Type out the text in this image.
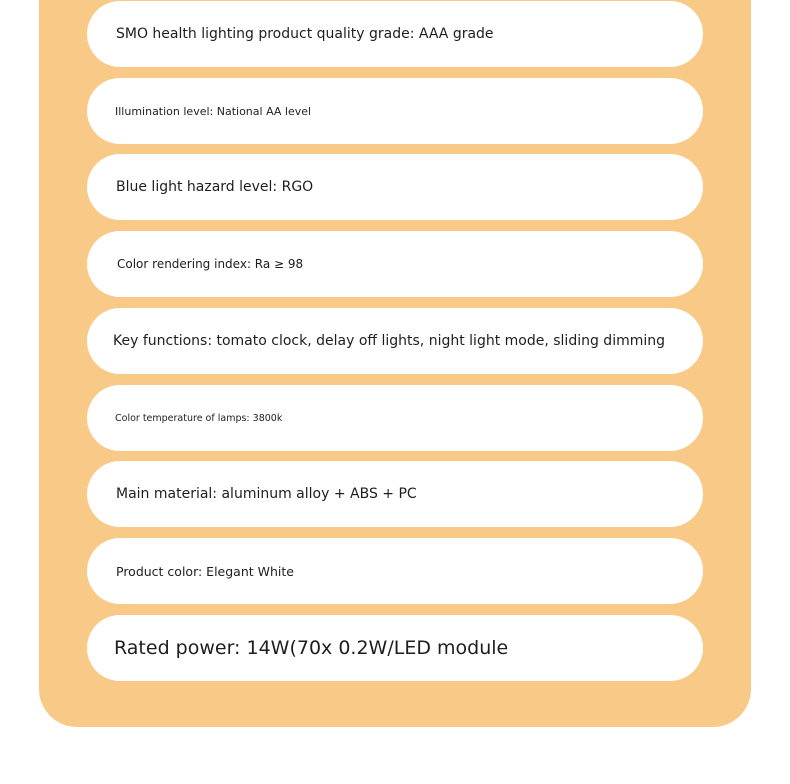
SMO health lighting product quality grade: AAA grade
Illumination level: National AA level
Blue light hazard level: RGO
Color rendering index: Ra ≥ 98
Key functions: tomato clock, delay off lights, night light mode, sliding dimming
Color temperature of lamps: 3800k
Main material: aluminum alloy + ABS + PC
Product color: Elegant White
Rated power: 14W(70x 0.2W/LED module
